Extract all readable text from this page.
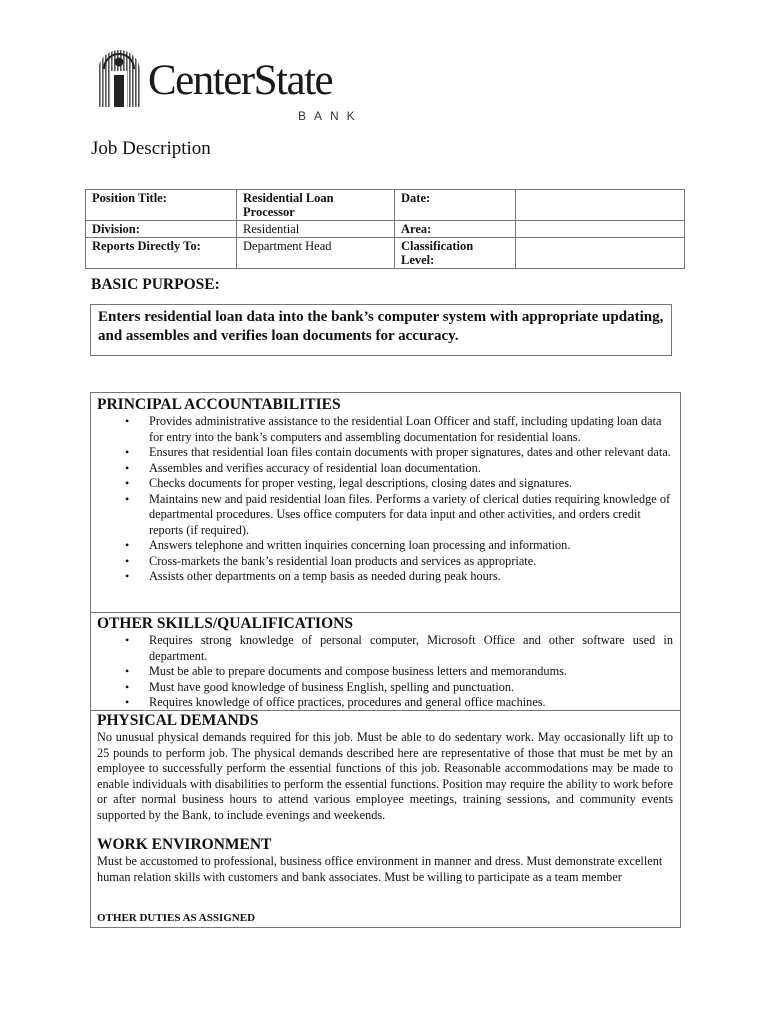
CenterState
BANK
Job Description
Position Title:	Residential Loan Processor	Date:	
Division:	Residential	Area:	
Reports Directly To:	Department Head	Classification Level:	
BASIC PURPOSE:
Enters residential loan data into the bank’s computer system with appropriate updating, and assembles and verifies loan documents for accuracy.
PRINCIPAL ACCOUNTABILITIES
• Provides administrative assistance to the residential Loan Officer and staff, including updating loan data for entry into the bank’s computers and assembling documentation for residential loans.
• Ensures that residential loan files contain documents with proper signatures, dates and other relevant data.
• Assembles and verifies accuracy of residential loan documentation.
• Checks documents for proper vesting, legal descriptions, closing dates and signatures.
• Maintains new and paid residential loan files. Performs a variety of clerical duties requiring knowledge of departmental procedures. Uses office computers for data input and other activities, and orders credit reports (if required).
• Answers telephone and written inquiries concerning loan processing and information.
• Cross-markets the bank’s residential loan products and services as appropriate.
• Assists other departments on a temp basis as needed during peak hours.
OTHER SKILLS/QUALIFICATIONS
• Requires strong knowledge of personal computer, Microsoft Office and other software used in department.
• Must be able to prepare documents and compose business letters and memorandums.
• Must have good knowledge of business English, spelling and punctuation.
• Requires knowledge of office practices, procedures and general office machines.
PHYSICAL DEMANDS
No unusual physical demands required for this job. Must be able to do sedentary work. May occasionally lift up to 25 pounds to perform job. The physical demands described here are representative of those that must be met by an employee to successfully perform the essential functions of this job. Reasonable accommodations may be made to enable individuals with disabilities to perform the essential functions. Position may require the ability to work before or after normal business hours to attend various employee meetings, training sessions, and community events supported by the Bank, to include evenings and weekends.
WORK ENVIRONMENT
Must be accustomed to professional, business office environment in manner and dress. Must demonstrate excellent human relation skills with customers and bank associates. Must be willing to participate as a team member
OTHER DUTIES AS ASSIGNED
